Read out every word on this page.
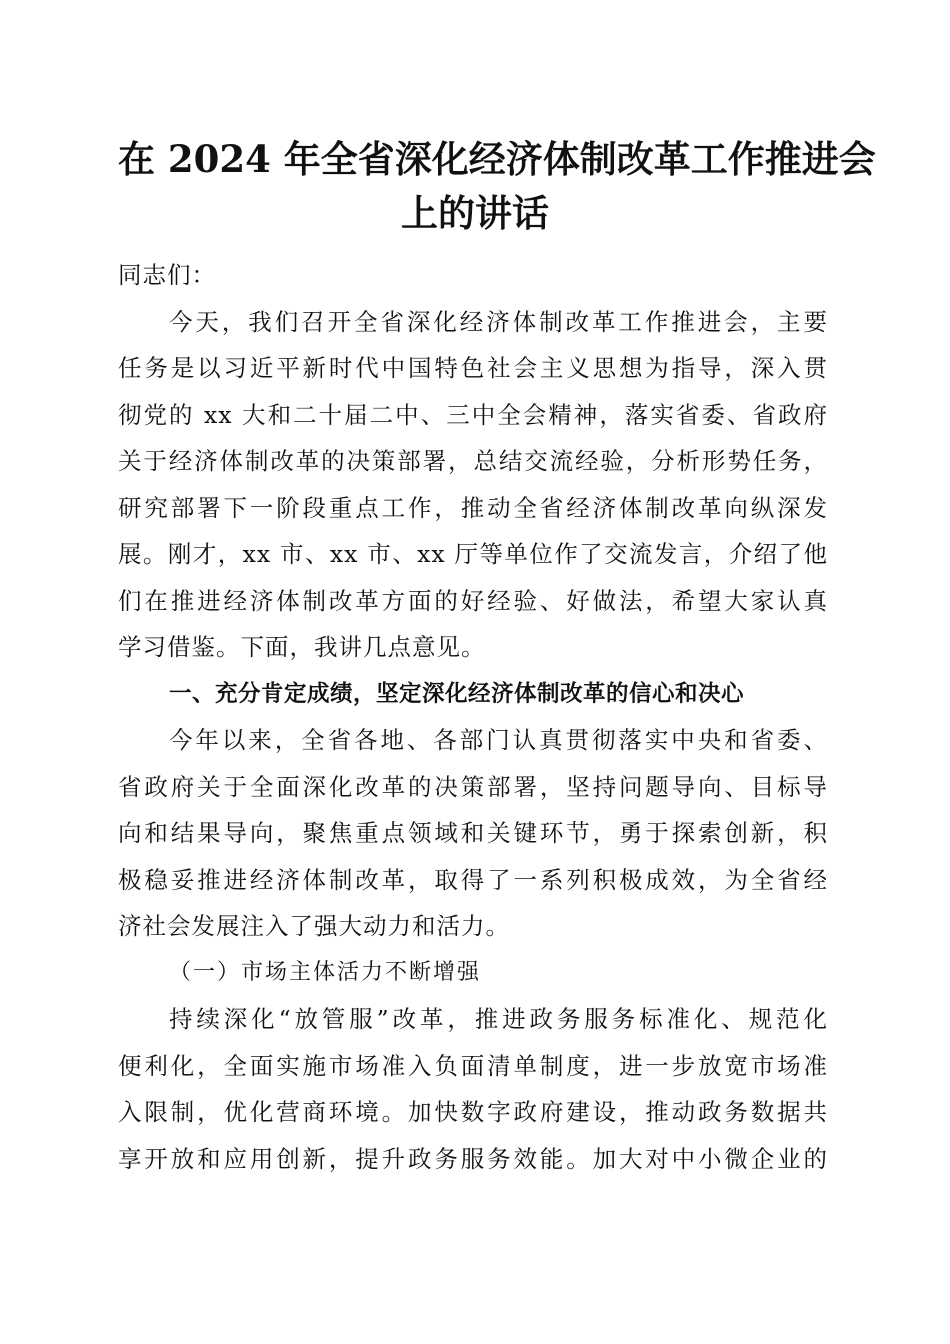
在 2024 年全省深化经济体制改革工作推进会
上的讲话
同志们：
今天，我们召开全省深化经济体制改革工作推进会，主要
任务是以习近平新时代中国特色社会主义思想为指导，深入贯
彻党的 xx 大和二十届二中、三中全会精神，落实省委、省政府
关于经济体制改革的决策部署，总结交流经验，分析形势任务，
研究部署下一阶段重点工作，推动全省经济体制改革向纵深发
展。刚才，xx 市、xx 市、xx 厅等单位作了交流发言，介绍了他
们在推进经济体制改革方面的好经验、好做法，希望大家认真
学习借鉴。下面，我讲几点意见。
一、充分肯定成绩，坚定深化经济体制改革的信心和决心
今年以来，全省各地、各部门认真贯彻落实中央和省委、
省政府关于全面深化改革的决策部署，坚持问题导向、目标导
向和结果导向，聚焦重点领域和关键环节，勇于探索创新，积
极稳妥推进经济体制改革，取得了一系列积极成效，为全省经
济社会发展注入了强大动力和活力。
（一）市场主体活力不断增强
持续深化“放管服”改革，推进政务服务标准化、规范化
便利化，全面实施市场准入负面清单制度，进一步放宽市场准
入限制，优化营商环境。加快数字政府建设，推动政务数据共
享开放和应用创新，提升政务服务效能。加大对中小微企业的
